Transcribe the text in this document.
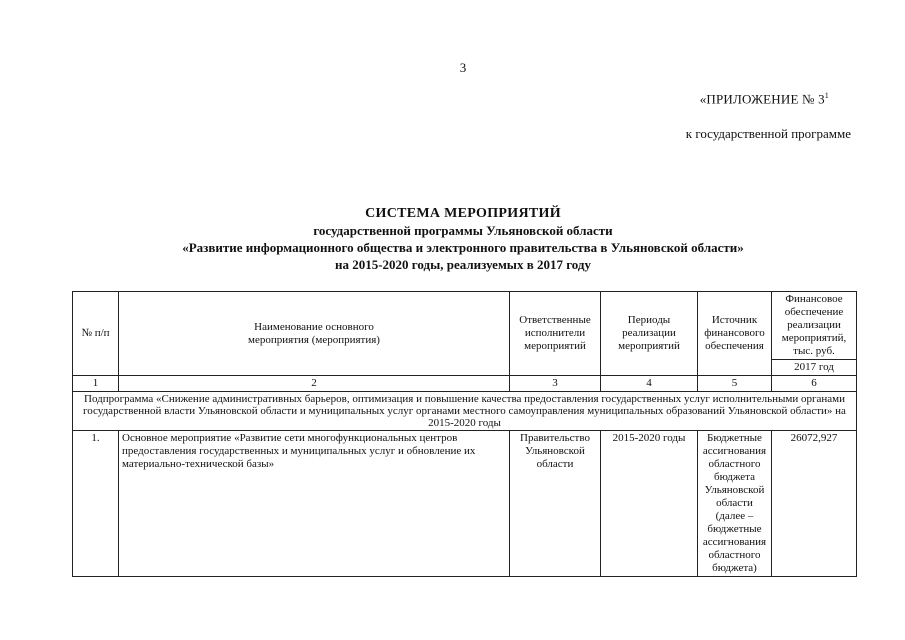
3
«ПРИЛОЖЕНИЕ № $3^1$
к государственной программе
СИСТЕМА МЕРОПРИЯТИЙ
государственной программы Ульяновской области
«Развитие информационного общества и электронного правительства в Ульяновской области»
на 2015-2020 годы, реализуемых в 2017 году
№ п/п	Наименование основного мероприятия (мероприятия)	Ответственные исполнители мероприятий	Периоды реализации мероприятий	Источник финансового обеспечения	Финансовое обеспечение реализации мероприятий, тыс. руб.
					2017 год
1	2	3	4	5	6
Подпрограмма «Снижение административных барьеров, оптимизация и повышение качества предоставления государственных услуг исполнительными органами государственной власти Ульяновской области и муниципальных услуг органами местного самоуправления муниципальных образований Ульяновской области» на 2015-2020 годы					
1.	Основное мероприятие «Развитие сети многофункциональных центров предоставления государственных и муниципальных услуг и обновление их материально-технической базы»	Правительство Ульяновской области	2015-2020 годы	Бюджетные ассигнования областного бюджета Ульяновской области (далее – бюджетные ассигнования областного бюджета)	26072,927
